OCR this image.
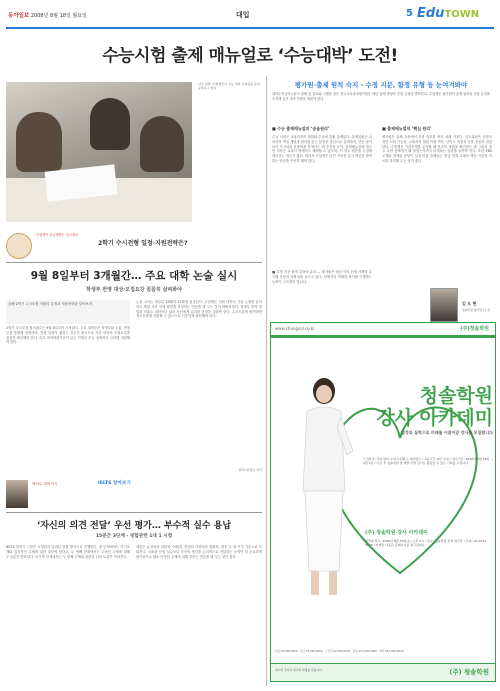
동아일보 2008년 8월 18일 월요일	대입	5 EduTOWN
수능시험 출제 매뉴얼로 ‘수능대박’ 도전!
사진 설명: 수험생들이 수능 대비 문제집을 풀며 공부하고 있다.	평가원·출제 원칙 숙지 - 수정 지문, 함정 유형 등 눈여겨봐야
대학수학능력시험의 출제 및 검토와 시행을 맡은 한국교육과정평가원은 매년 출제 방향과 문항 유형을 발표한다. 수험생은 평가원의 출제 원칙과 문항 유형을 숙지해 실전 대비 전략을 세워야 한다.
■ 수능 출제매뉴얼의 ‘숨을원리’	■ 출제매뉴얼의 ‘핵심 원리’
수능 시험은 교육과정의 범위와 수준에 맞춰 출제된다. 출제위원은 교과서의 핵심 개념과 원리를 묻는 문항을 중심으로 출제하며, 단순 암기보다 사고력과 응용력을 측정하는 데 중점을 둔다. 출제매뉴얼에 따르면 지문은 교과서 밖에서도 채택될 수 있으며, 이 경우 원문을 수정해 제시하는 경우가 많다. 따라서 수험생은 낯선 지문을 읽고 핵심을 파악하는 연습을 꾸준히 해야 한다.
평가원은 출제 과정에서 문항 검토를 여러 차례 거친다. 검토위원은 문항의 정답 시비 가능성, 교육과정 범위 이탈 여부, 난이도 적절성 등을 꼼꼼히 점검한다. 수험생은 기출문제를 분석할 때 단순히 정답을 확인하는 데 그치지 말고 오답 선택지가 왜 틀렸는지까지 따져보는 습관을 들여야 한다. 또한 EBS 교재와 연계된 문항이 일정 비율 출제되는 만큼 연계 교재의 핵심 지문과 자료를 정리해 두는 것이 좋다.
■ 수정 지문 함정 유형에 유의 — 평가원은 매년 이의 신청 사례를 분석해 문항의 정확성을 높이고 있다. 선택지의 미세한 차이를 구별하는 능력이 고득점의 열쇠다.
김 도 현
청솔학원 평가연구소장
수험생이 궁금해하는 입시정보
2학기 수시전형 일정·지원전략은?
9월 8일부터 3개월간… 주요 대학 논술 실시
학생부 반영 대상·모집요강 꼼꼼히 살펴봐야
올해 2학기 수시모집 지원의 특징과 지원전략을 알아보자.
2학기 수시모집 원서접수는 9월 8일부터 시작된다. 주요 대학들은 학생부와 논술, 면접 등을 종합해 선발하며, 전형 일정이 겹치는 경우가 많으므로 지원 대학의 모집요강을 꼼꼼히 확인해야 한다. 특히 최저학력기준이 있는 전형은 수능 성적까지 고려해 지원해야 한다.
논술 고사는 대부분 10월과 11월에 집중된다. 수험생은 지원 대학의 기출 논제를 분석하고 제한 시간 안에 답안을 작성하는 연습을 해 두는 것이 바람직하다. 학생부 반영 방법과 비율도 대학마다 달라 자신에게 유리한 전형을 골라야 한다. 수시모집에 합격하면 정시모집에 지원할 수 없으므로 신중하게 판단해야 한다.
정리=한정은 기자
영어로 대학가기	IELTS 알아보기
‘자신의 의견 전달’ 우선 평가… 부수적 실수 용납
15분간 3단계 - 영합관련 1대 1 시험
IELTS 말하기 시험은 시험관과 일대일 면접 방식으로 진행된다. 첫 단계에서는 자기소개와 일상적인 주제에 대한 질문에 답하고, 두 번째 단계에서는 주어진 주제에 대해 1~2분간 발표한다. 마지막 단계에서는 두 번째 주제와 관련된 심화 토론이 이어진다.
채점은 유창성과 일관성, 어휘력, 문법의 다양성과 정확성, 발음 등 네 가지 기준으로 이뤄진다. 사소한 문법 실수보다 자신의 생각을 논리적으로 전달하는 능력이 더 중요하게 평가되므로 평소 다양한 주제에 대해 말하는 연습을 해 두는 것이 좋다.
www.chungsol.co.kr	(주)청솔학원
청솔학원
강사 아카데미
열정과 실력으로 미래를 이끌어갈 강사를 모집합니다
모집분야: 국어·영어·수학·사회탐구·과학탐구 / 교육기간: 8주 과정 / 접수기간: 2008년 8월 18일 ~ 9월 5일 / 수료 후 청솔학원 및 계열 학원 강사로 활동할 수 있는 기회를 드립니다.
(주) 청솔학원 강사 아카데미
설명회 일시: 2008년 8월 30일(토) 오후 2시 / 장소: 청솔학원 본관 대강당 / 문의: 02-1234-5678 / 자세한 내용은 홈페이지를 참고하세요.
본원 02-000-0000 · 강남 02-000-0000 · 노량진 02-000-0000 · 분당 031-000-0000 · 일산 031-000-0000
최고의 강사가 최고의 학생을 만듭니다	(주) 청솔학원
